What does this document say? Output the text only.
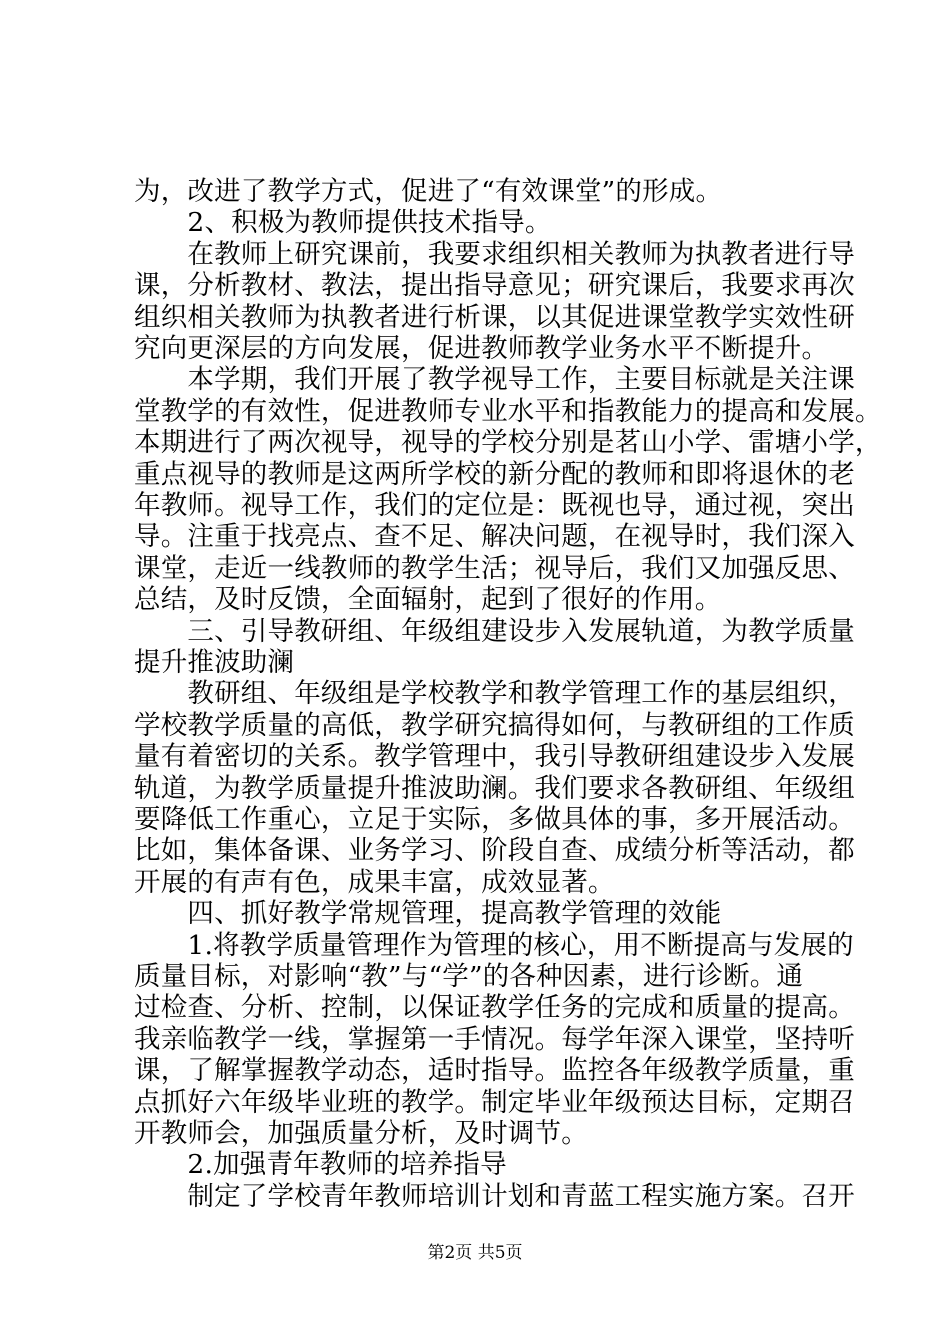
为，改进了教学方式，促进了“有效课堂”的形成。
　　2、积极为教师提供技术指导。
　　在教师上研究课前，我要求组织相关教师为执教者进行导
课，分析教材、教法，提出指导意见；研究课后，我要求再次
组织相关教师为执教者进行析课，以其促进课堂教学实效性研
究向更深层的方向发展，促进教师教学业务水平不断提升。
　　本学期，我们开展了教学视导工作，主要目标就是关注课
堂教学的有效性，促进教师专业水平和指教能力的提高和发展。
本期进行了两次视导，视导的学校分别是茗山小学、雷塘小学，
重点视导的教师是这两所学校的新分配的教师和即将退休的老
年教师。视导工作，我们的定位是：既视也导，通过视，突出
导。注重于找亮点、查不足、解决问题，在视导时，我们深入
课堂，走近一线教师的教学生活；视导后，我们又加强反思、
总结，及时反馈，全面辐射，起到了很好的作用。
　　三、引导教研组、年级组建设步入发展轨道，为教学质量
提升推波助澜
　　教研组、年级组是学校教学和教学管理工作的基层组织，
学校教学质量的高低，教学研究搞得如何，与教研组的工作质
量有着密切的关系。教学管理中，我引导教研组建设步入发展
轨道，为教学质量提升推波助澜。我们要求各教研组、年级组
要降低工作重心，立足于实际，多做具体的事，多开展活动。
比如，集体备课、业务学习、阶段自查、成绩分析等活动，都
开展的有声有色，成果丰富，成效显著。
　　四、抓好教学常规管理，提高教学管理的效能
　　1.将教学质量管理作为管理的核心，用不断提高与发展的
质量目标，对影响“教”与“学”的各种因素，进行诊断。通
过检查、分析、控制，以保证教学任务的完成和质量的提高。
我亲临教学一线，掌握第一手情况。每学年深入课堂，坚持听
课，了解掌握教学动态，适时指导。监控各年级教学质量，重
点抓好六年级毕业班的教学。制定毕业年级预达目标，定期召
开教师会，加强质量分析，及时调节。
　　2.加强青年教师的培养指导
　　制定了学校青年教师培训计划和青蓝工程实施方案。召开
第2页 共5页
